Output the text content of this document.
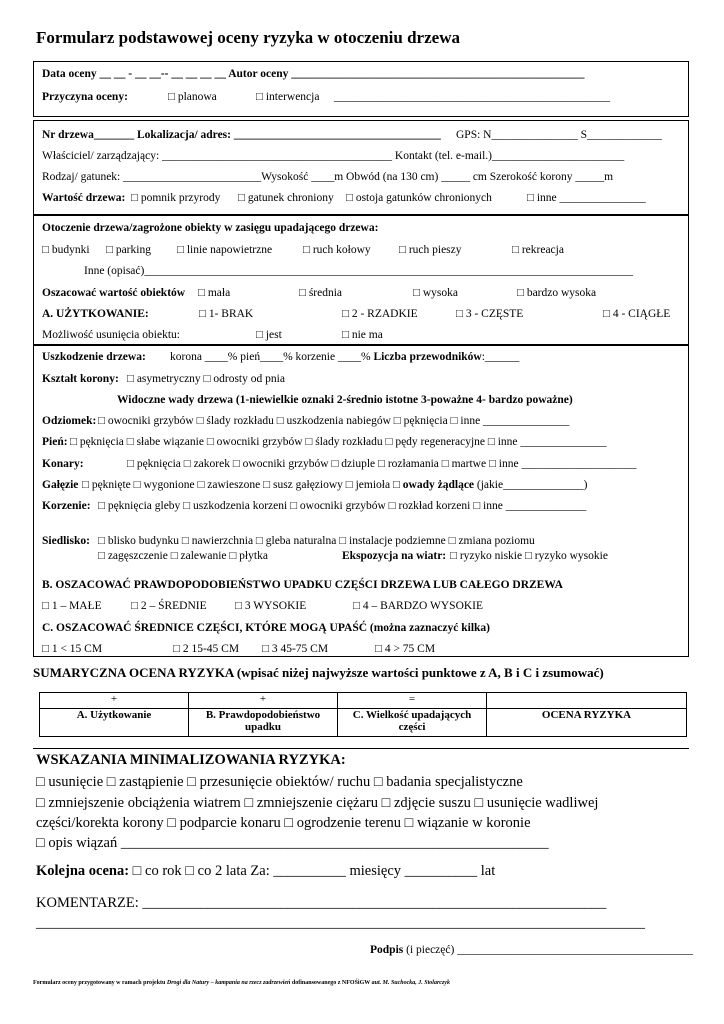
Formularz podstawowej oceny ryzyka w otoczeniu drzewa
Data oceny __ __ - __ __-- __ __ __ __ Autor oceny ___________________________________________________
Przyczyna oceny:	□ planowa	□ interwencja ________________________________________________
Nr drzewa_______ Lokalizacja/ adres: ____________________________________ GPS: N_______________ S_____________
Właściciel/ zarządzający: ________________________________________ Kontakt (tel. e-mail.)_______________________
Rodzaj/ gatunek: ________________________Wysokość ____m Obwód (na 130 cm) _____ cm Szerokość korony _____m
Wartość drzewa: □ pomnik przyrody □ gatunek chroniony □ ostoja gatunków chronionych	□ inne _______________
Otoczenie drzewa/zagrożone obiekty w zasięgu upadającego drzewa:
□ budynki □ parking □ linie napowietrzne	□ ruch kołowy □ ruch pieszy	□ rekreacja
Inne (opisać)_____________________________________________________________________________________
Oszacować wartość obiektów □ mała	□ średnia	□ wysoka	□ bardzo wysoka
A. UŻYTKOWANIE:	□ 1- BRAK	□ 2 - RZADKIE	□ 3 - CZĘSTE	□ 4 - CIĄGŁE
Możliwość usunięcia obiektu:	□ jest	□ nie ma
Uszkodzenie drzewa: korona ____% pień____% korzenie ____% Liczba przewodników:______
Kształt korony: □ asymetryczny □ odrosty od pnia
Widoczne wady drzewa (1-niewielkie oznaki 2-średnio istotne 3-poważne 4- bardzo poważne)
Odziomek: □ owocniki grzybów □ ślady rozkładu □ uszkodzenia nabiegów □ pęknięcia □ inne _______________
Pień: □ pęknięcia □ słabe wiązanie □ owocniki grzybów □ ślady rozkładu □ pędy regeneracyjne □ inne _______________
Konary:	□ pęknięcia □ zakorek □ owocniki grzybów □ dziuple □ rozłamania □ martwe □ inne ____________________
Gałęzie □ pęknięte □ wygonione □ zawieszone □ susz gałęziowy □ jemioła □ owady żądlące (jakie______________)
Korzenie: □ pęknięcia gleby □ uszkodzenia korzeni □ owocniki grzybów □ rozkład korzeni □ inne ______________
Siedlisko: □ blisko budynku □ nawierzchnia □ gleba naturalna □ instalacje podziemne □ zmiana poziomu
□ zagęszczenie □ zalewanie □ płytka	Ekspozycja na wiatr: □ ryzyko niskie □ ryzyko wysokie
B. OSZACOWAĆ PRAWDOPODOBIEŃSTWO UPADKU CZĘŚCI DRZEWA LUB CAŁEGO DRZEWA
□ 1 – MAŁE	□ 2 – ŚREDNIE □ 3 WYSOKIE	□ 4 – BARDZO WYSOKIE
C. OSZACOWAĆ ŚREDNICE CZĘŚCI, KTÓRE MOGĄ UPAŚĆ (można zaznaczyć kilka)
□ 1 < 15 CM	□ 2 15-45 CM □ 3 45-75 CM	□ 4 > 75 CM
SUMARYCZNA OCENA RYZYKA (wpisać niżej najwyższe wartości punktowe z A, B i C i zsumować)
+	+	=	
A. Użytkowanie	B. Prawdopodobieństwo upadku	C. Wielkość upadających części	OCENA RYZYKA
WSKAZANIA MINIMALIZOWANIA RYZYKA:
□ usunięcie □ zastąpienie □ przesunięcie obiektów/ ruchu □ badania specjalistyczne
□ zmniejszenie obciążenia wiatrem □ zmniejszenie ciężaru □ zdjęcie suszu □ usunięcie wadliwej
części/korekta korony □ podparcie konaru □ ogrodzenie terenu □ wiązanie w koronie
□ opis wiązań ___________________________________________________________
Kolejna ocena: □ co rok □ co 2 lata Za: __________ miesięcy __________ lat
KOMENTARZE: ________________________________________________________________
____________________________________________________________________________________
Podpis (i pieczęć) _________________________________________
Formularz oceny przygotowany w ramach projektu Drogi dla Natury – kampania na rzecz zadrzewień dofinansowanego z NFOŚiGW aut. M. Suchocka, J. Stolarczyk
